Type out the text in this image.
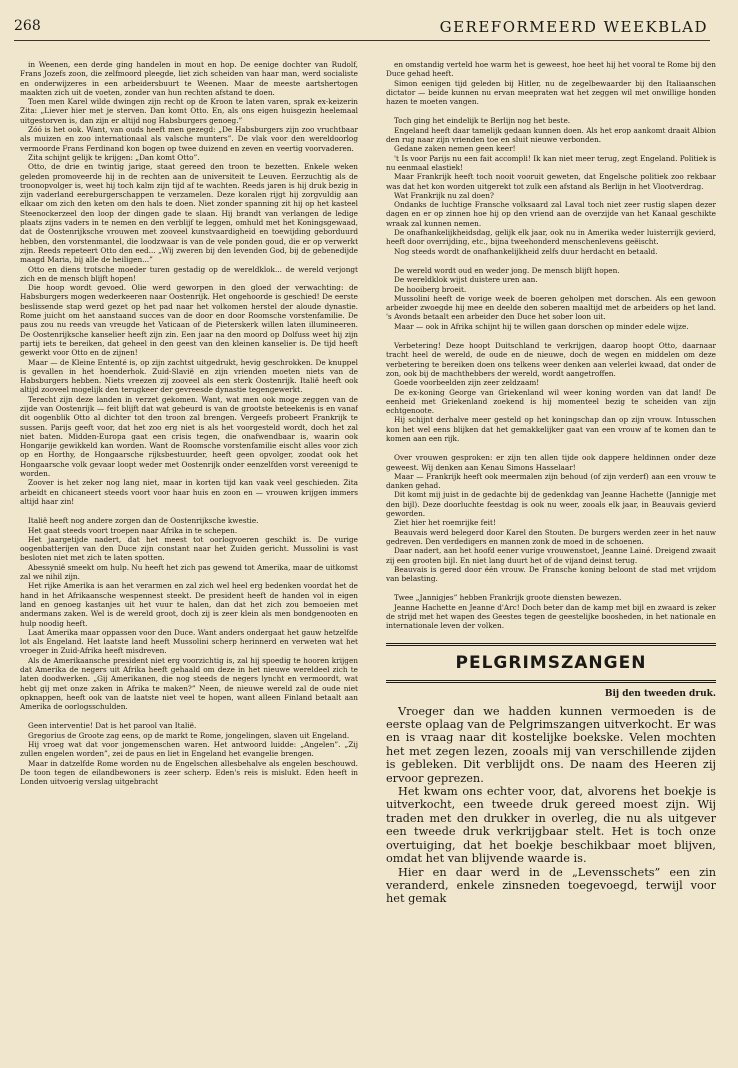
268	GEREFORMEERD WEEKBLAD

in Weenen, een derde ging handelen in mout en hop. De eenige dochter van Rudolf, Frans Jozefs zoon, die zelfmoord pleegde, liet zich scheiden van haar man, werd socialiste en onderwijzeres in een arbeidersbuurt te Weenen. Maar de meeste aartshertogen maakten zich uit de voeten, zonder van hun rechten afstand te doen.

Toen men Karel wilde dwingen zijn recht op de Kroon te laten varen, sprak ex-keizerin Zita: „Liever hier met je sterven. Dan komt Otto. En, als ons eigen huisgezin heelemaal uitgestorven is, dan zijn er altijd nog Habsburgers genoeg.”

Zóó is het ook. Want, van ouds heeft men gezegd: „De Habsburgers zijn zoo vruchtbaar als muizen en zoo internationaal als valsche munters”. De vlak voor den wereldoorlog vermoorde Frans Ferdinand kon bogen op twee duizend en zeven en veertig voorvaderen.

Zita schijnt gelijk te krijgen: „Dan komt Otto”.

Otto, de drie en twintig jarige, staat gereed den troon te bezetten. Enkele weken geleden promoveerde hij in de rechten aan de universiteit te Leuven. Eerzuchtig als de troonopvolger is, weet hij toch kalm zijn tijd af te wachten. Reeds jaren is hij druk bezig in zijn vaderland eereburgerschappen te verzamelen. Deze koralen rijgt hij zorgvuldig aan elkaar om zich den keten om den hals te doen. Niet zonder spanning zit hij op het kasteel Steenockerzeel den loop der dingen gade te slaan. Hij brandt van verlangen de ledige plaats zijns vaders in te nemen en den verblijf te leggen, omhuld met het Koningsgewaad, dat de Oostenrijksche vrouwen met zooveel kunstvaardigheid en toewijding geborduurd hebben, den vorstenmantel, die loodzwaar is van de vele ponden goud, die er op verwerkt zijn. Reeds repeteert Otto den eed... „Wij zweren bij den levenden God, bij de gebenedijde maagd Maria, bij alle de heiligen...”

Otto en diens trotsche moeder turen gestadig op de wereldklok... de wereld verjongt zich en de mensch blijft hopen!

Die hoop wordt gevoed. Olie werd geworpen in den gloed der verwachting: de Habsburgers mogen wederkeeren naar Oostenrijk. Het ongehoorde is geschied! De eerste beslissende stap werd gezet op het pad naar het volkomen herstel der aloude dynastie. Rome juicht om het aanstaand succes van de door en door Roomsche vorstenfamilie. De paus zou nu reeds van vreugde het Vaticaan of de Pieterskerk willen laten illumineeren. De Oostenrijksche kanselier heeft zijn zin. Een jaar na den moord op Dolfuss weet hij zijn partij iets te bereiken, dat geheel in den geest van den kleinen kanselier is. De tijd heeft gewerkt voor Otto en de zijnen!

Maar — de Kleine Ententé is, op zijn zachtst uitgedrukt, hevig geschrokken. De knuppel is gevallen in het hoenderhok. Zuid-Slavië en zijn vrienden moeten niets van de Habsburgers hebben. Niets vreezen zij zooveel als een sterk Oostenrijk. Italië heeft ook altijd zooveel mogelijk den terugkeer der gevreesde dynastie tegengewerkt.

Terecht zijn deze landen in verzet gekomen. Want, wat men ook moge zeggen van de zijde van Oostenrijk — feit blijft dat wat gebeurd is van de grootste beteekenis is en vanaf dit oogenblik Otto al dichter tot den troon zal brengen. Vergeefs probeert Frankrijk te sussen. Parijs geeft voor, dat het zoo erg niet is als het voorgesteld wordt, doch het zal niet baten. Midden-Europa gaat een crisis tegen, die onafwendbaar is, waarin ook Hongarije gewikkeld kan worden. Want de Roomsche vorstenfamilie eischt alles voor zich op en Horthy, de Hongaarsche rijksbestuurder, heeft geen opvolger, zoodat ook het Hongaarsche volk gevaar loopt weder met Oostenrijk onder eenzelfden vorst vereenigd te worden.

Zoover is het zeker nog lang niet, maar in korten tijd kan vaak veel geschieden. Zita arbeidt en chicaneert steeds voort voor haar huis en zoon en — vrouwen krijgen immers altijd haar zin!

Italië heeft nog andere zorgen dan de Oostenrijksche kwestie.

Het gaat steeds voort troepen naar Afrika in te schepen.

Het jaargetijde nadert, dat het meest tot oorlogvoeren geschikt is. De vurige oogenbatterijen van den Duce zijn constant naar het Zuiden gericht. Mussolini is vast besloten niet met zich te laten spotten.

Abessynië smeekt om hulp. Nu heeft het zich pas gewend tot Amerika, maar de uitkomst zal we nihil zijn.

Het rijke Amerika is aan het verarmen en zal zich wel heel erg bedenken voordat het de hand in het Afrikaansche wespennest steekt. De president heeft de handen vol in eigen land en genoeg kastanjes uit het vuur te halen, dan dat het zich zou bemoeien met andermans zaken. Wel is de wereld groot, doch zij is zeer klein als men bondgenooten en hulp noodig heeft.

Laat Amerika maar oppassen voor den Duce. Want anders ondergaat het gauw hetzelfde lot als Engeland. Het laatste land heeft Mussolini scherp herinnerd en verweten wat het vroeger in Zuid-Afrika heeft misdreven.

Als de Amerikaansche president niet erg voorzichtig is, zal hij spoedig te hooren krijgen dat Amerika de negers uit Afrika heeft gehaald om deze in het nieuwe wereldeel zich te laten doodwerken. „Gij Amerikanen, die nog steeds de negers lyncht en vermoordt, wat hebt gij met onze zaken in Afrika te maken?” Neen, de nieuwe wereld zal de oude niet opknappen, heeft ook van de laatste niet veel te hopen, want alleen Finland betaalt aan Amerika de oorlogsschulden.

Geen interventie! Dat is het parool van Italië.

Gregorius de Groote zag eens, op de markt te Rome, jongelingen, slaven uit Engeland.

Hij vroeg wat dat voor jongemenschen waren. Het antwoord luidde: „Angelen”. „Zij zullen engelen worden”, zei de paus en liet in Engeland het evangelie brengen.

Maar in datzelfde Rome worden nu de Engelschen allesbehalve als engelen beschouwd. De toon tegen de eilandbewoners is zeer scherp. Eden's reis is mislukt. Eden heeft in Londen uitvoerig verslag uitgebracht

en omstandig verteld hoe warm het is geweest, hoe heet hij het vooral te Rome bij den Duce gehad heeft.

Simon eenigen tijd geleden bij Hitler, nu de zegelbewaarder bij den Italiaanschen dictator — beide kunnen nu ervan meepraten wat het zeggen wil met onwillige honden hazen te moeten vangen.

Toch ging het eindelijk te Berlijn nog het beste.

Engeland heeft daar tamelijk gedaan kunnen doen. Als het erop aankomt draait Albion den rug naar zijn vrienden toe en sluit nieuwe verbonden.

Gedane zaken nemen geen keer!

't Is voor Parijs nu een fait accompli! Ik kan niet meer terug, zegt Engeland. Politiek is nu eenmaal elastiek!

Maar Frankrijk heeft toch nooit vooruit geweten, dat Engelsche politiek zoo rekbaar was dat het kon worden uitgerekt tot zulk een afstand als Berlijn in het Vlootverdrag.

Wat Frankrijk nu zal doen?

Ondanks de luchtige Fransche volksaard zal Laval toch niet zeer rustig slapen dezer dagen en er op zinnen hoe hij op den vriend aan de overzijde van het Kanaal geschikte wraak zal kunnen nemen.

De onafhankelijkheidsdag, gelijk elk jaar, ook nu in Amerika weder luisterrijk gevierd, heeft door overrijding, etc., bijna tweehonderd menschenlevens geëischt.

Nog steeds wordt de onafhankelijkheid zelfs duur herdacht en betaald.

De wereld wordt oud en weder jong. De mensch blijft hopen.

De wereldklok wijst duistere uren aan.

De hooiberg broeit.

Mussolini heeft de vorige week de boeren geholpen met dorschen. Als een gewoon arbeider zwoegde hij mee en deelde den soberen maaltijd met de arbeiders op het land. 's Avonds betaalt een arbeider den Duce het sober loon uit.

Maar — ook in Afrika schijnt hij te willen gaan dorschen op minder edele wijze.

Verbetering! Deze hoopt Duitschland te verkrijgen, daarop hoopt Otto, daarnaar tracht heel de wereld, de oude en de nieuwe, doch de wegen en middelen om deze verbetering te bereiken doen ons telkens weer denken aan velerlei kwaad, dat onder de zon, ook bij de machthebbers der wereld, wordt aangetroffen.

Goede voorbeelden zijn zeer zeldzaam!

De ex-koning George van Griekenland wil weer koning worden van dat land! De eenheid met Griekenland zoekend is hij momenteel bezig te scheiden van zijn echtgenoote.

Hij schijnt derhalve meer gesteld op het koningschap dan op zijn vrouw. Intusschen kon het wel eens blijken dat het gemakkelijker gaat van een vrouw af te komen dan te komen aan een rijk.

Over vrouwen gesproken: er zijn ten allen tijde ook dappere heldinnen onder deze geweest. Wij denken aan Kenau Simons Hasselaar!

Maar — Frankrijk heeft ook meermalen zijn behoud (of zijn verderf) aan een vrouw te danken gehad.

Dit komt mij juist in de gedachte bij de gedenkdag van Jeanne Hachette (Jannigje met den bijl). Deze doorluchte feestdag is ook nu weer, zooals elk jaar, in Beauvais gevierd geworden.

Ziet hier het roemrijke feit!

Beauvais werd belegerd door Karel den Stouten. De burgers werden zeer in het nauw gedreven. Den verdedigers en mannen zonk de moed in de schoenen.

Daar nadert, aan het hoofd eener vurige vrouwenstoet, Jeanne Lainé. Dreigend zwaait zij een grooten bijl. En niet lang duurt het of de vijand deinst terug.

Beauvais is gered door één vrouw. De Fransche koning beloont de stad met vrijdom van belasting.

Twee „Jannigjes” hebben Frankrijk groote diensten bewezen.

Jeanne Hachette en Jeanne d'Arc! Doch beter dan de kamp met bijl en zwaard is zeker de strijd met het wapen des Geestes tegen de geestelijke boosheden, in het nationale en internationale leven der volken.

PELGRIMSZANGEN
Bij den tweeden druk.

Vroeger dan we hadden kunnen vermoeden is de eerste oplaag van de Pelgrimszangen uitverkocht. Er was en is vraag naar dit kostelijke boekske. Velen mochten het met zegen lezen, zooals mij van verschillende zijden is gebleken. Dit verblijdt ons. De naam des Heeren zij ervoor geprezen.

Het kwam ons echter voor, dat, alvorens het boekje is uitverkocht, een tweede druk gereed moest zijn. Wij traden met den drukker in overleg, die nu als uitgever een tweede druk verkrijgbaar stelt. Het is toch onze overtuiging, dat het boekje beschikbaar moet blijven, omdat het van blijvende waarde is.

Hier en daar werd in de „Levensschets” een zin veranderd, enkele zinsneden toegevoegd, terwijl voor het gemak
